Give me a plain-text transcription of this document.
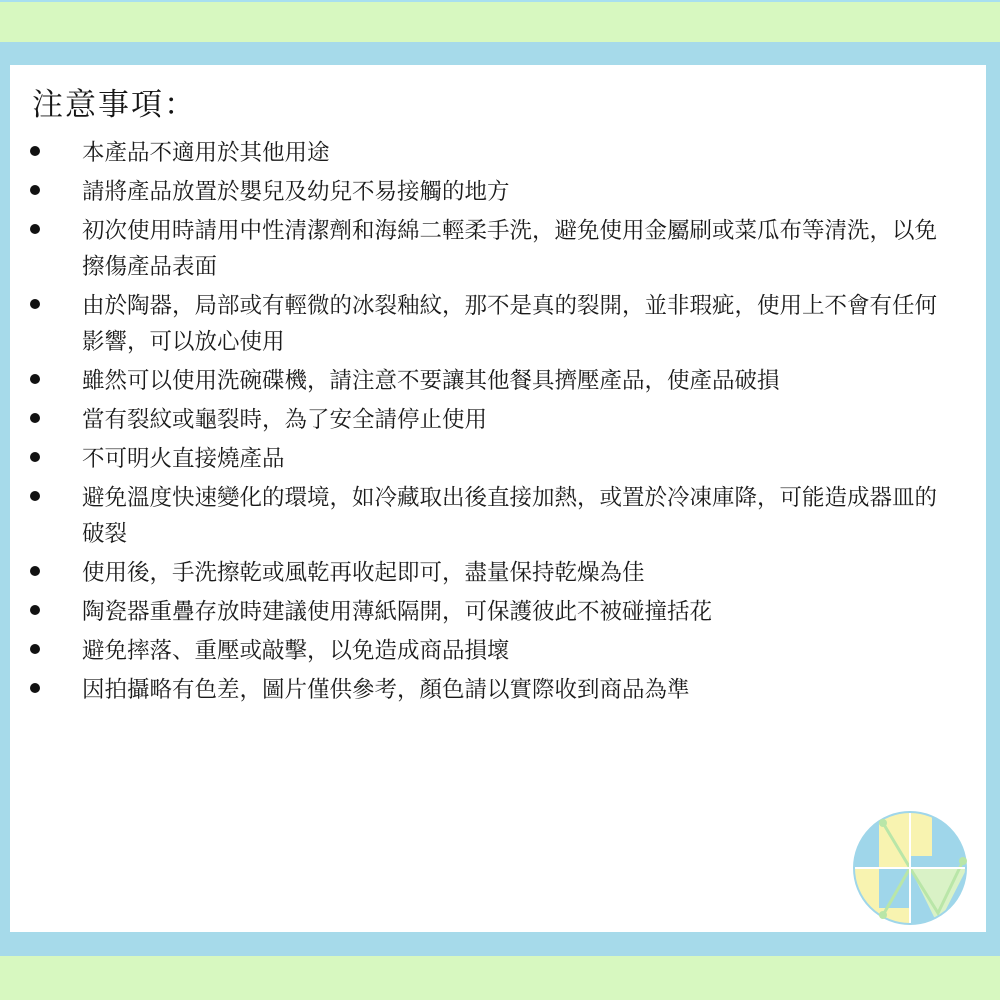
注意事項：
本產品不適用於其他用途
請將產品放置於嬰兒及幼兒不易接觸的地方
初次使用時請用中性清潔劑和海綿二輕柔手洗，避免使用金屬刷或菜瓜布等清洗，以免擦傷產品表面
由於陶器，局部或有輕微的冰裂釉紋，那不是真的裂開，並非瑕疵，使用上不會有任何影響，可以放心使用
雖然可以使用洗碗碟機，請注意不要讓其他餐具擠壓產品，使產品破損
當有裂紋或龜裂時，為了安全請停止使用
不可明火直接燒產品
避免溫度快速變化的環境，如冷藏取出後直接加熱，或置於冷凍庫降，可能造成器皿的破裂
使用後，手洗擦乾或風乾再收起即可，盡量保持乾燥為佳
陶瓷器重疊存放時建議使用薄紙隔開，可保護彼此不被碰撞括花
避免摔落、重壓或敲擊，以免造成商品損壞
因拍攝略有色差，圖片僅供參考，顏色請以實際收到商品為準
